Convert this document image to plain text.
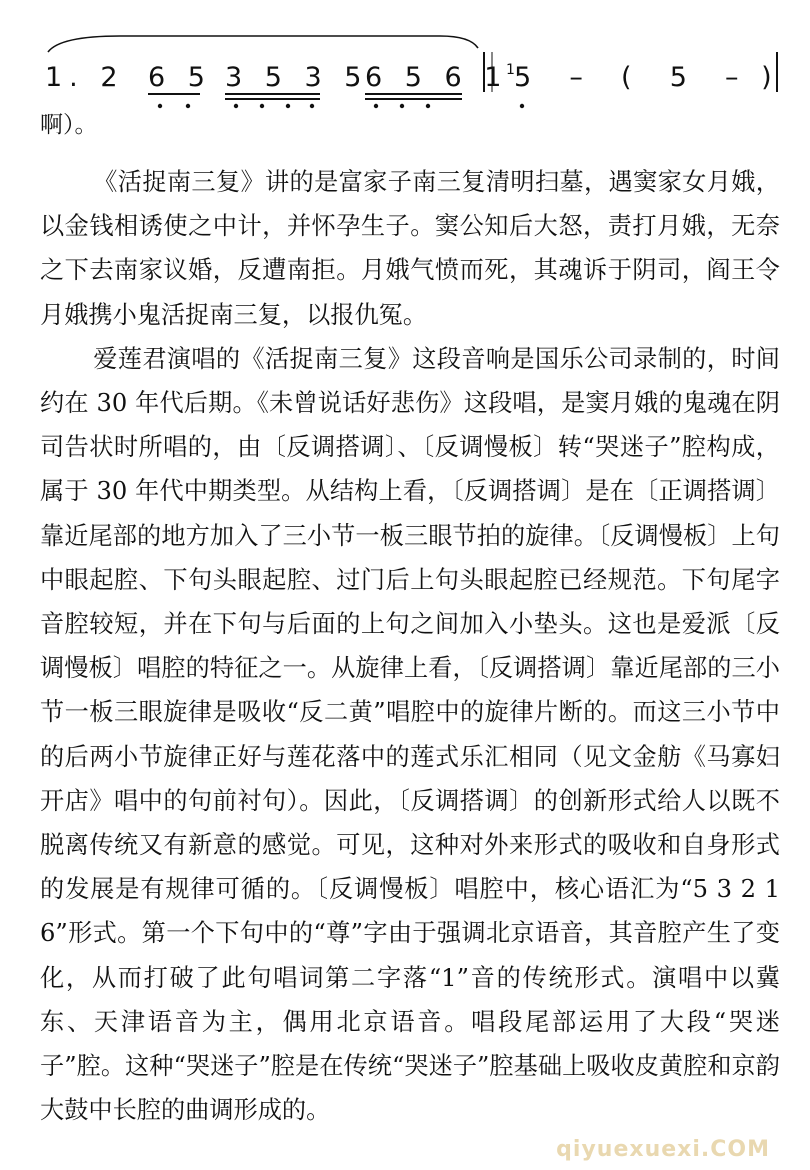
1. 2 6 5 3 5 3 5
6 5 6 1
1 5  –  (  5  – )
啊）。

《活捉南三复》讲的是富家子南三复清明扫墓，遇窦家女月娥，以金钱相诱使之中计，并怀孕生子。窦公知后大怒，责打月娥，无奈之下去南家议婚，反遭南拒。月娥气愤而死，其魂诉于阴司，阎王令月娥携小鬼活捉南三复，以报仇冤。

爱莲君演唱的《活捉南三复》这段音响是国乐公司录制的，时间约在 30 年代后期。《未曾说话好悲伤》这段唱，是窦月娥的鬼魂在阴司告状时所唱的，由〔反调搭调〕、〔反调慢板〕转“哭迷子”腔构成，属于 30 年代中期类型。从结构上看，〔反调搭调〕是在〔正调搭调〕靠近尾部的地方加入了三小节一板三眼节拍的旋律。〔反调慢板〕上句中眼起腔、下句头眼起腔、过门后上句头眼起腔已经规范。下句尾字音腔较短，并在下句与后面的上句之间加入小垫头。这也是爱派〔反调慢板〕唱腔的特征之一。从旋律上看，〔反调搭调〕靠近尾部的三小节一板三眼旋律是吸收“反二黄”唱腔中的旋律片断的。而这三小节中的后两小节旋律正好与莲花落中的莲式乐汇相同（见文金舫《马寡妇开店》唱中的句前衬句）。因此，〔反调搭调〕的创新形式给人以既不脱离传统又有新意的感觉。可见，这种对外来形式的吸收和自身形式的发展是有规律可循的。〔反调慢板〕唱腔中，核心语汇为“5 3 2 1 6”形式。第一个下句中的“尊”字由于强调北京语音，其音腔产生了变化，从而打破了此句唱词第二字落“1”音的传统形式。演唱中以冀东、天津语音为主，偶用北京语音。唱段尾部运用了大段“哭迷子”腔。这种“哭迷子”腔是在传统“哭迷子”腔基础上吸收皮黄腔和京韵大鼓中长腔的曲调形成的。

qiyuexuexi.COM
